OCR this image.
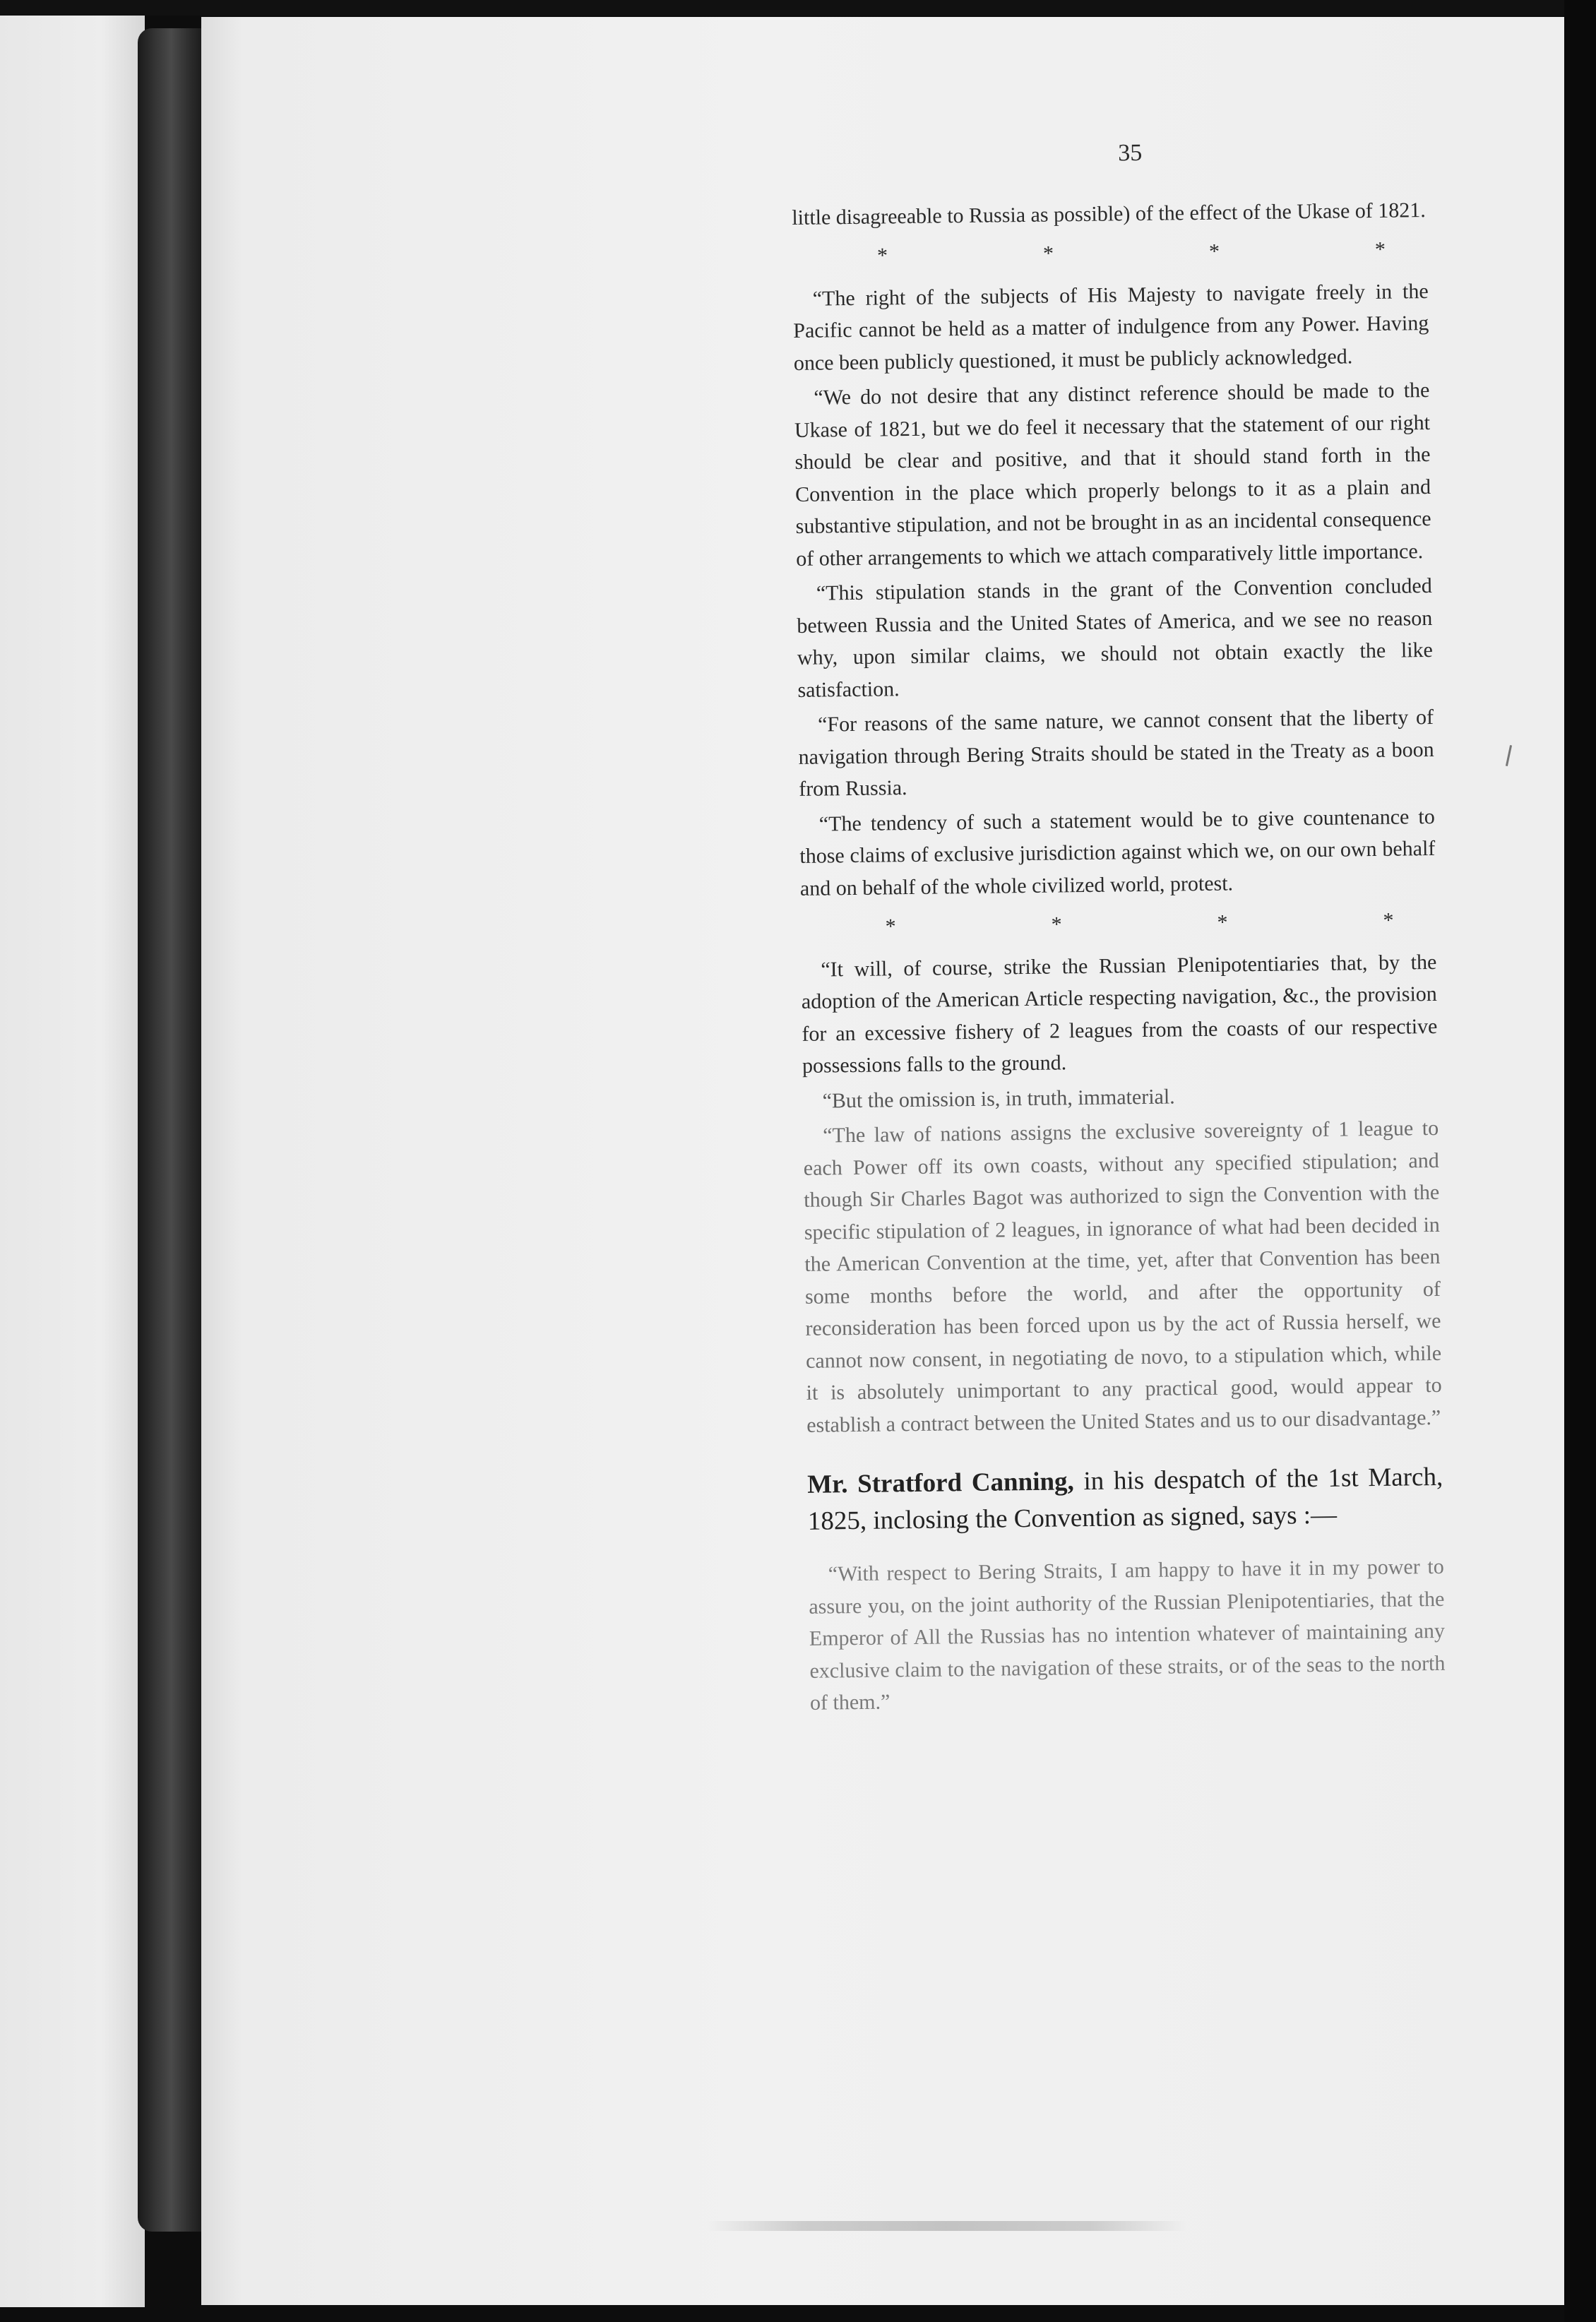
35

little disagreeable to Russia as possible) of the effect of the Ukase of 1821.

*	*	*	*

“The right of the subjects of His Majesty to navigate freely in the Pacific cannot be held as a matter of indulgence from any Power. Having once been publicly questioned, it must be publicly acknowledged.

“We do not desire that any distinct reference should be made to the Ukase of 1821, but we do feel it necessary that the statement of our right should be clear and positive, and that it should stand forth in the Convention in the place which properly belongs to it as a plain and substantive stipulation, and not be brought in as an incidental consequence of other arrangements to which we attach comparatively little importance.

“This stipulation stands in the grant of the Convention concluded between Russia and the United States of America, and we see no reason why, upon similar claims, we should not obtain exactly the like satisfaction.

“For reasons of the same nature, we cannot consent that the liberty of navigation through Bering Straits should be stated in the Treaty as a boon from Russia.

“The tendency of such a statement would be to give countenance to those claims of exclusive jurisdiction against which we, on our own behalf and on behalf of the whole civilized world, protest.

*	*	*	*

“It will, of course, strike the Russian Plenipotentiaries that, by the adoption of the American Article respecting navigation, &c., the provision for an excessive fishery of 2 leagues from the coasts of our respective possessions falls to the ground.

“But the omission is, in truth, immaterial.

“The law of nations assigns the exclusive sovereignty of 1 league to each Power off its own coasts, without any specified stipulation; and though Sir Charles Bagot was authorized to sign the Convention with the specific stipulation of 2 leagues, in ignorance of what had been decided in the American Convention at the time, yet, after that Convention has been some months before the world, and after the opportunity of reconsideration has been forced upon us by the act of Russia herself, we cannot now consent, in negotiating de novo, to a stipulation which, while it is absolutely unimportant to any practical good, would appear to establish a contract between the United States and us to our disadvantage.”

Mr. Stratford Canning, in his despatch of the 1st March, 1825, inclosing the Convention as signed, says :—

“With respect to Bering Straits, I am happy to have it in my power to assure you, on the joint authority of the Russian Plenipotentiaries, that the Emperor of All the Russias has no intention whatever of maintaining any exclusive claim to the navigation of these straits, or of the seas to the north of them.”
